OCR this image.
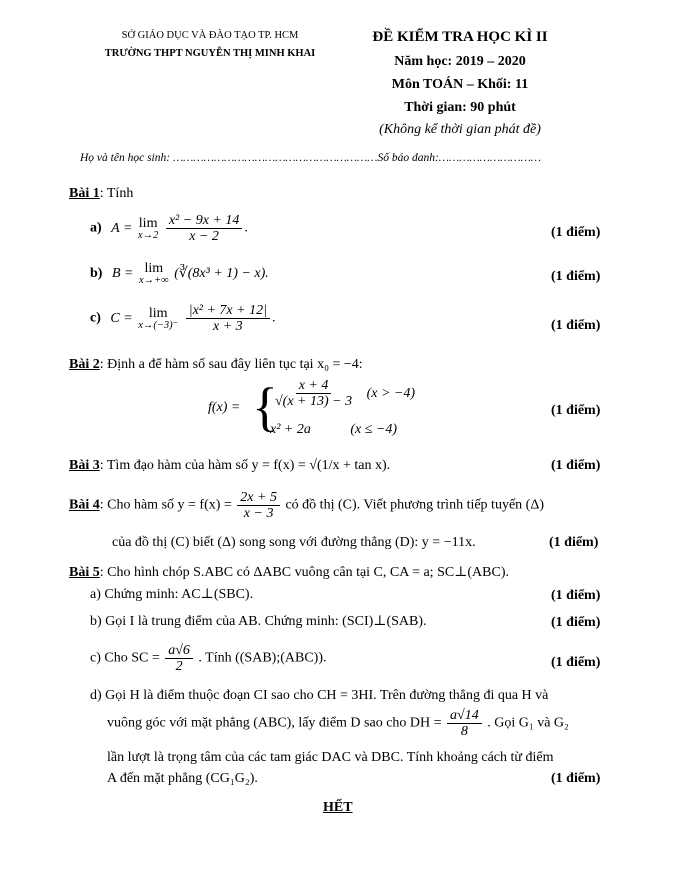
SỞ GIÁO DỤC VÀ ĐÀO TẠO TP. HCM
TRƯỜNG THPT NGUYỄN THỊ MINH KHAI
ĐỀ KIỂM TRA HỌC KÌ II
Năm học: 2019 – 2020
Môn TOÁN – Khối: 11
Thời gian: 90 phút
(Không kể thời gian phát đề)
Họ và tên học sinh: ……………………………………………………Số báo danh:…………………………
Bài 1: Tính
a) A = lim
x→2
$\frac{\text{x² − 9x + 14}}{x - 2}$ .	(1 điểm)
b) B = lim
x→+∞ (∛(8x³ + 1) − x).	(1 điểm)
c) C = lim
x→(−3)⁻
$\frac{\text{|x² + 7x + 12|}}{x + 3}$ .	(1 điểm)
Bài 2: Định a để hàm số sau đây liên tục tại x₀ = −4:
f(x) = {
$\frac{x + 4}{√(x + 13) - 3} (x > -4)$
x² + 2a	(x ≤ −4)
(1 điểm)
Bài 3: Tìm đạo hàm của hàm số y = f(x) = √(1/x + tan x).	(1 điểm)
Bài 4: Cho hàm số $y = f(x) = \frac{2x + 5}{x - 3}$ có đồ thị (C). Viết phương trình tiếp tuyến (Δ)
của đồ thị (C) biết (Δ) song song với đường thẳng (D): y = −11x.	(1 điểm)
Bài 5: Cho hình chóp S.ABC có ΔABC vuông cân tại C, CA = a; SC⊥(ABC).
a) Chứng minh: AC⊥(SBC).	(1 điểm)
b) Gọi I là trung điểm của AB. Chứng minh: (SCI)⊥(SAB).	(1 điểm)
c) Cho SC = $\frac{a√6}{2}$ . Tính ((SAB);(ABC)).	(1 điểm)
d) Gọi H là điểm thuộc đoạn CI sao cho CH = 3HI. Trên đường thẳng đi qua H và
vuông góc với mặt phẳng (ABC), lấy điểm D sao cho DH = $\frac{a√14}{8}$ . Gọi G₁ và G₂
lần lượt là trọng tâm của các tam giác DAC và DBC. Tính khoảng cách từ điểm
A đến mặt phẳng (CG₁G₂).	(1 điểm)
HẾT
